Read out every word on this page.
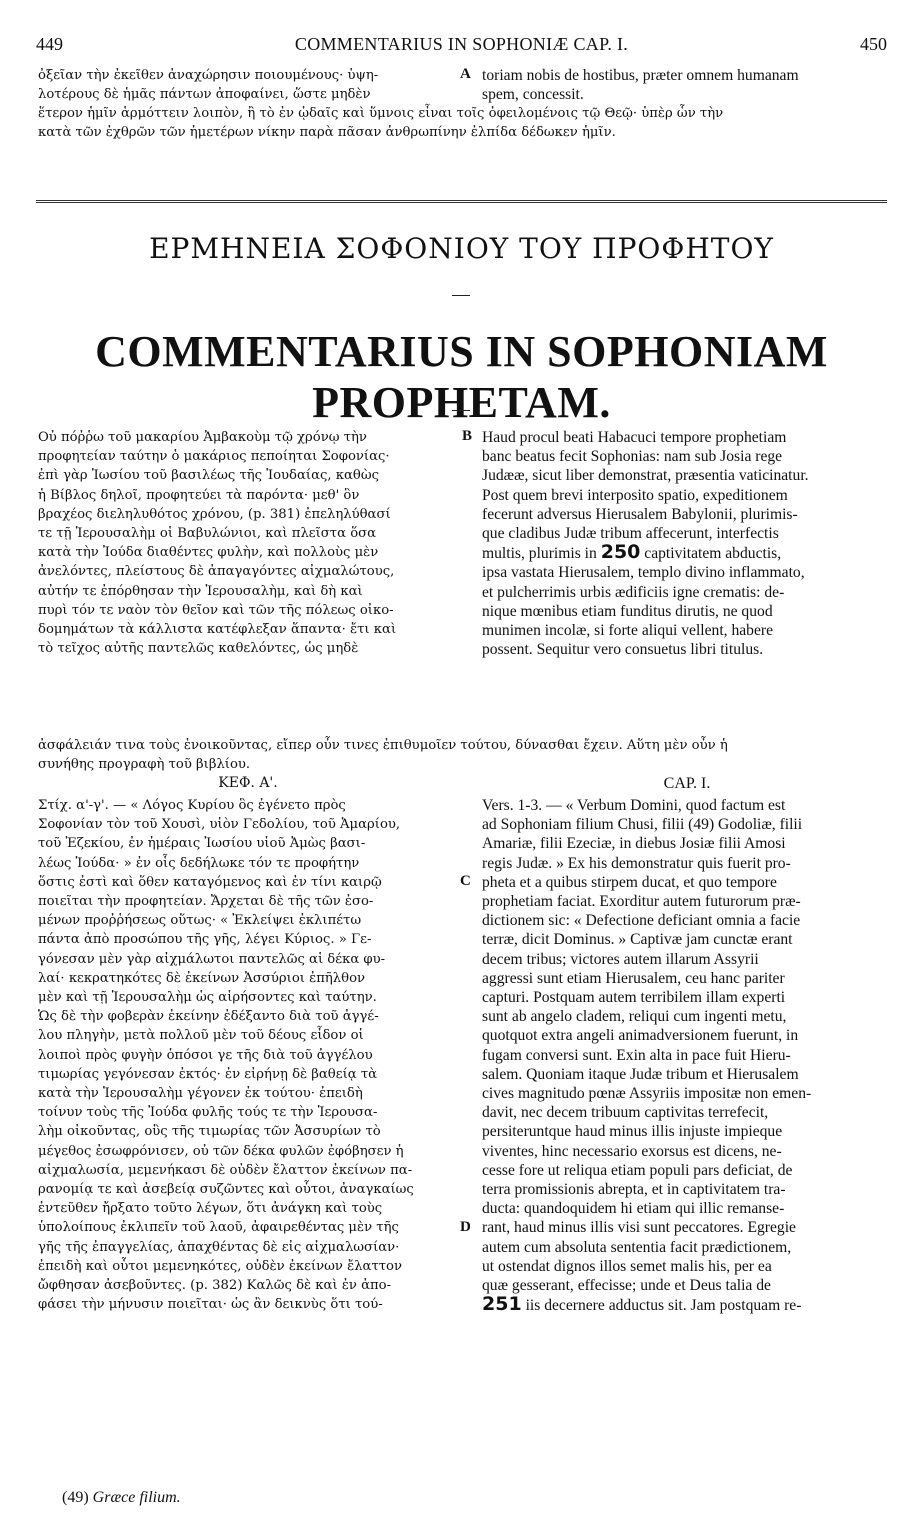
449	COMMENTARIUS IN SOPHONIÆ CAP. I.	450
ὀξεῖαν τὴν ἐκεῖθεν ἀναχώρησιν ποιουμένους· ὑψη-
λοτέρους δὲ ἡμᾶς πάντων ἀποφαίνει, ὥστε μηδὲν
A toriam nobis de hostibus, præter omnem humanam
spem, concessit.
ἕτερον ἡμῖν ἁρμόττειν λοιπὸν, ἢ τὸ ἐν ᾠδαῖς καὶ ὕμνοις εἶναι τοῖς ὀφειλομένοις τῷ Θεῷ· ὑπὲρ ὧν τὴν
κατὰ τῶν ἐχθρῶν τῶν ἡμετέρων νίκην παρὰ πᾶσαν ἀνθρωπίνην ἐλπίδα δέδωκεν ἡμῖν.
ΕΡΜΗΝΕΙΑ ΣΟΦΟΝΙΟΥ ΤΟΥ ΠΡΟΦΗΤΟΥ
COMMENTARIUS IN SOPHONIAM PROPHETAM.
Οὐ πόῤῥω τοῦ μακαρίου Ἀμβακοὺμ τῷ χρόνῳ τὴν
προφητείαν ταύτην ὁ μακάριος πεποίηται Σοφονίας·
ἐπὶ γὰρ Ἰωσίου τοῦ βασιλέως τῆς Ἰουδαίας, καθὼς
ἡ Βίβλος δηλοῖ, προφητεύει τὰ παρόντα· μεθ' ὃν
βραχέος διεληλυθότος χρόνου, (p. 381) ἐπεληλύθασί
τε τῇ Ἱερουσαλὴμ οἱ Βαβυλώνιοι, καὶ πλεῖστα ὅσα
κατὰ τὴν Ἰούδα διαθέντες φυλὴν, καὶ πολλοὺς μὲν
ἀνελόντες, πλείστους δὲ ἀπαγαγόντες αἰχμαλώτους,
αὐτήν τε ἐπόρθησαν τὴν Ἱερουσαλὴμ, καὶ δὴ καὶ
πυρὶ τόν τε ναὸν τὸν θεῖον καὶ τῶν τῆς πόλεως οἰκο-
δομημάτων τὰ κάλλιστα κατέφλεξαν ἅπαντα· ἔτι καὶ
τὸ τεῖχος αὐτῆς παντελῶς καθελόντες, ὡς μηδὲ
B Haud procul beati Habacuci tempore prophetiam
banc beatus fecit Sophonias: nam sub Josia rege
Judææ, sicut liber demonstrat, præsentia vaticinatur.
Post quem brevi interposito spatio, expeditionem
fecerunt adversus Hierusalem Babylonii, plurimis-
que cladibus Judæ tribum affecerunt, interfectis
multis, plurimis in 250 captivitatem abductis,
ipsa vastata Hierusalem, templo divino inflammato,
et pulcherrimis urbis ædificiis igne crematis: de-
nique mœnibus etiam funditus dirutis, ne quod
munimen incolæ, si forte aliqui vellent, habere
possent. Sequitur vero consuetus libri titulus.
ἀσφάλειάν τινα τοὺς ἐνοικοῦντας, εἴπερ οὖν τινες ἐπιθυμοῖεν τούτου, δύνασθαι ἔχειν. Αὕτη μὲν οὖν ἡ
συνήθης προγραφὴ τοῦ βιβλίου.
ΚΕΦ. Α'.	CAP. I.
Στίχ. α'-γ'. — « Λόγος Κυρίου ὃς ἐγένετο πρὸς
Σοφονίαν τὸν τοῦ Χουσὶ, υἱὸν Γεδολίου, τοῦ Ἀμαρίου,
τοῦ Ἐζεκίου, ἐν ἡμέραις Ἰωσίου υἱοῦ Ἀμὼς βασι-
λέως Ἰούδα· » ἐν οἷς δεδήλωκε τόν τε προφήτην
ὅστις ἐστὶ καὶ ὅθεν καταγόμενος καὶ ἐν τίνι καιρῷ
ποιεῖται τὴν προφητείαν. Ἄρχεται δὲ τῆς τῶν ἐσο-
μένων προῤῥήσεως οὕτως· « Ἐκλείψει ἐκλιπέτω
πάντα ἀπὸ προσώπου τῆς γῆς, λέγει Κύριος. » Γε-
γόνεσαν μὲν γὰρ αἰχμάλωτοι παντελῶς αἱ δέκα φυ-
λαί· κεκρατηκότες δὲ ἐκείνων Ἀσσύριοι ἐπῆλθον
μὲν καὶ τῇ Ἱερουσαλὴμ ὡς αἱρήσοντες καὶ ταύτην.
Ὡς δὲ τὴν φοβερὰν ἐκείνην ἐδέξαντο διὰ τοῦ ἀγγέ-
λου πληγὴν, μετὰ πολλοῦ μὲν τοῦ δέους εἶδον οἱ
λοιποὶ πρὸς φυγὴν ὁπόσοι γε τῆς διὰ τοῦ ἀγγέλου
τιμωρίας γεγόνεσαν ἐκτός· ἐν εἰρήνῃ δὲ βαθείᾳ τὰ
κατὰ τὴν Ἱερουσαλὴμ γέγονεν ἐκ τούτου· ἐπειδὴ
τοίνυν τοὺς τῆς Ἰούδα φυλῆς τούς τε τὴν Ἱερουσα-
λὴμ οἰκοῦντας, οὓς τῆς τιμωρίας τῶν Ἀσσυρίων τὸ
μέγεθος ἐσωφρόνισεν, οὐ τῶν δέκα φυλῶν ἐφόβησεν ἡ
αἰχμαλωσία, μεμενήκασι δὲ οὐδὲν ἔλαττον ἐκείνων πα-
ρανομίᾳ τε καὶ ἀσεβείᾳ συζῶντες καὶ οὗτοι, ἀναγκαίως
ἐντεῦθεν ἤρξατο τοῦτο λέγων, ὅτι ἀνάγκη καὶ τοὺς
ὑπολοίπους ἐκλιπεῖν τοῦ λαοῦ, ἀφαιρεθέντας μὲν τῆς
γῆς τῆς ἐπαγγελίας, ἀπαχθέντας δὲ εἰς αἰχμαλωσίαν·
ἐπειδὴ καὶ οὗτοι μεμενηκότες, οὐδὲν ἐκείνων ἔλαττον
ὤφθησαν ἀσεβοῦντες. (p. 382) Καλῶς δὲ καὶ ἐν ἀπο-
φάσει τὴν μήνυσιν ποιεῖται· ὡς ἂν δεικνὺς ὅτι τού-
C
D
Vers. 1-3. — « Verbum Domini, quod factum est
ad Sophoniam filium Chusi, filii (49) Godoliæ, filii
Amariæ, filii Ezeciæ, in diebus Josiæ filii Amosi
regis Judæ. » Ex his demonstratur quis fuerit pro-
pheta et a quibus stirpem ducat, et quo tempore
prophetiam faciat. Exorditur autem futurorum præ-
dictionem sic: « Defectione deficiant omnia a facie
terræ, dicit Dominus. » Captivæ jam cunctæ erant
decem tribus; victores autem illarum Assyrii
aggressi sunt etiam Hierusalem, ceu hanc pariter
capturi. Postquam autem terribilem illam experti
sunt ab angelo cladem, reliqui cum ingenti metu,
quotquot extra angeli animadversionem fuerunt, in
fugam conversi sunt. Exin alta in pace fuit Hieru-
salem. Quoniam itaque Judæ tribum et Hierusalem
cives magnitudo pœnæ Assyriis impositæ non emen-
davit, nec decem tribuum captivitas terrefecit,
persiteruntque haud minus illis injuste impieque
viventes, hinc necessario exorsus est dicens, ne-
cesse fore ut reliqua etiam populi pars deficiat, de
terra promissionis abrepta, et in captivitatem tra-
ducta: quandoquidem hi etiam qui illic remanse-
rant, haud minus illis visi sunt peccatores. Egregie
autem cum absoluta sententia facit prædictionem,
ut ostendat dignos illos semet malis his, per ea
quæ gesserant, effecisse; unde et Deus talia de
251 iis decernere adductus sit. Jam postquam re-
(49) Græce filium.
